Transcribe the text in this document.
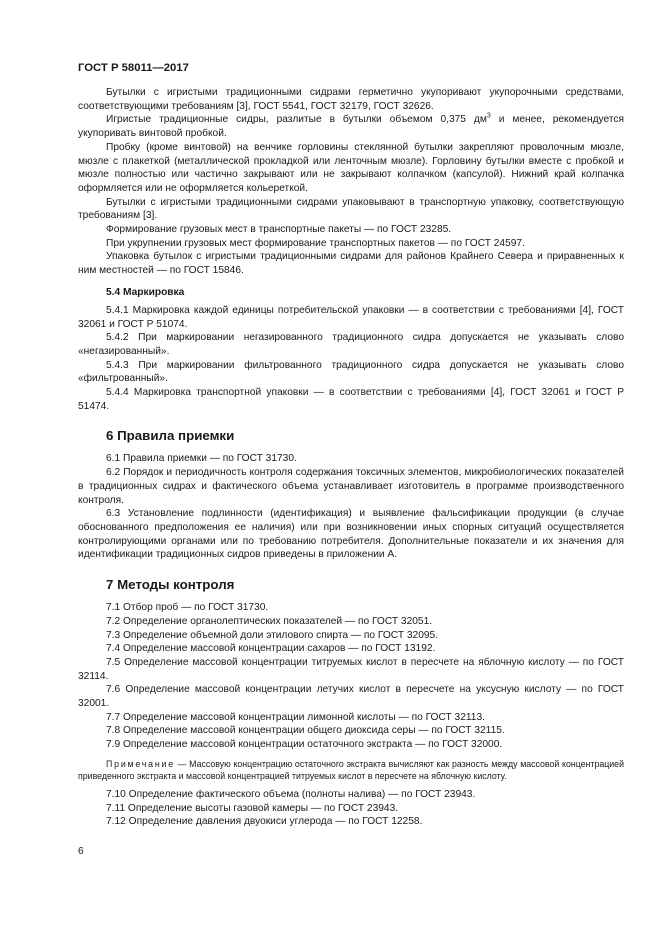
ГОСТ Р 58011—2017

Бутылки с игристыми традиционными сидрами герметично укупоривают укупорочными средствами, соответствующими требованиям [3], ГОСТ 5541, ГОСТ 32179, ГОСТ 32626.

Игристые традиционные сидры, разлитые в бутылки объемом 0,375 $дм^3$ и менее, рекомендуется укупоривать винтовой пробкой.

Пробку (кроме винтовой) на венчике горловины стеклянной бутылки закрепляют проволочным мюзле, мюзле с плакеткой (металлической прокладкой или ленточным мюзле). Горловину бутылки вместе с пробкой и мюзле полностью или частично закрывают или не закрывают колпачком (капсулой). Нижний край колпачка оформляется или не оформляется кольереткой.

Бутылки с игристыми традиционными сидрами упаковывают в транспортную упаковку, соответствующую требованиям [3].

Формирование грузовых мест в транспортные пакеты — по ГОСТ 23285.

При укрупнении грузовых мест формирование транспортных пакетов — по ГОСТ 24597.

Упаковка бутылок с игристыми традиционными сидрами для районов Крайнего Севера и приравненных к ним местностей — по ГОСТ 15846.

5.4 Маркировка

5.4.1 Маркировка каждой единицы потребительской упаковки — в соответствии с требованиями [4], ГОСТ 32061 и ГОСТ Р 51074.

5.4.2 При маркировании негазированного традиционного сидра допускается не указывать слово «негазированный».

5.4.3 При маркировании фильтрованного традиционного сидра допускается не указывать слово «фильтрованный».

5.4.4 Маркировка транспортной упаковки — в соответствии с требованиями [4], ГОСТ 32061 и ГОСТ Р 51474.

6 Правила приемки

6.1 Правила приемки — по ГОСТ 31730.

6.2 Порядок и периодичность контроля содержания токсичных элементов, микробиологических показателей в традиционных сидрах и фактического объема устанавливает изготовитель в программе производственного контроля.

6.3 Установление подлинности (идентификация) и выявление фальсификации продукции (в случае обоснованного предположения ее наличия) или при возникновении иных спорных ситуаций осуществляется контролирующими органами или по требованию потребителя. Дополнительные показатели и их значения для идентификации традиционных сидров приведены в приложении А.

7 Методы контроля

7.1 Отбор проб — по ГОСТ 31730.

7.2 Определение органолептических показателей — по ГОСТ 32051.

7.3 Определение объемной доли этилового спирта — по ГОСТ 32095.

7.4 Определение массовой концентрации сахаров — по ГОСТ 13192.

7.5 Определение массовой концентрации титруемых кислот в пересчете на яблочную кислоту — по ГОСТ 32114.

7.6 Определение массовой концентрации летучих кислот в пересчете на уксусную кислоту — по ГОСТ 32001.

7.7 Определение массовой концентрации лимонной кислоты — по ГОСТ 32113.

7.8 Определение массовой концентрации общего диоксида серы — по ГОСТ 32115.

7.9 Определение массовой концентрации остаточного экстракта — по ГОСТ 32000.

Примечание — Массовую концентрацию остаточного экстракта вычисляют как разность между массовой концентрацией приведенного экстракта и массовой концентрацией титруемых кислот в пересчете на яблочную кислоту.

7.10 Определение фактического объема (полноты налива) — по ГОСТ 23943.

7.11 Определение высоты газовой камеры — по ГОСТ 23943.

7.12 Определение давления двуокиси углерода — по ГОСТ 12258.

6
